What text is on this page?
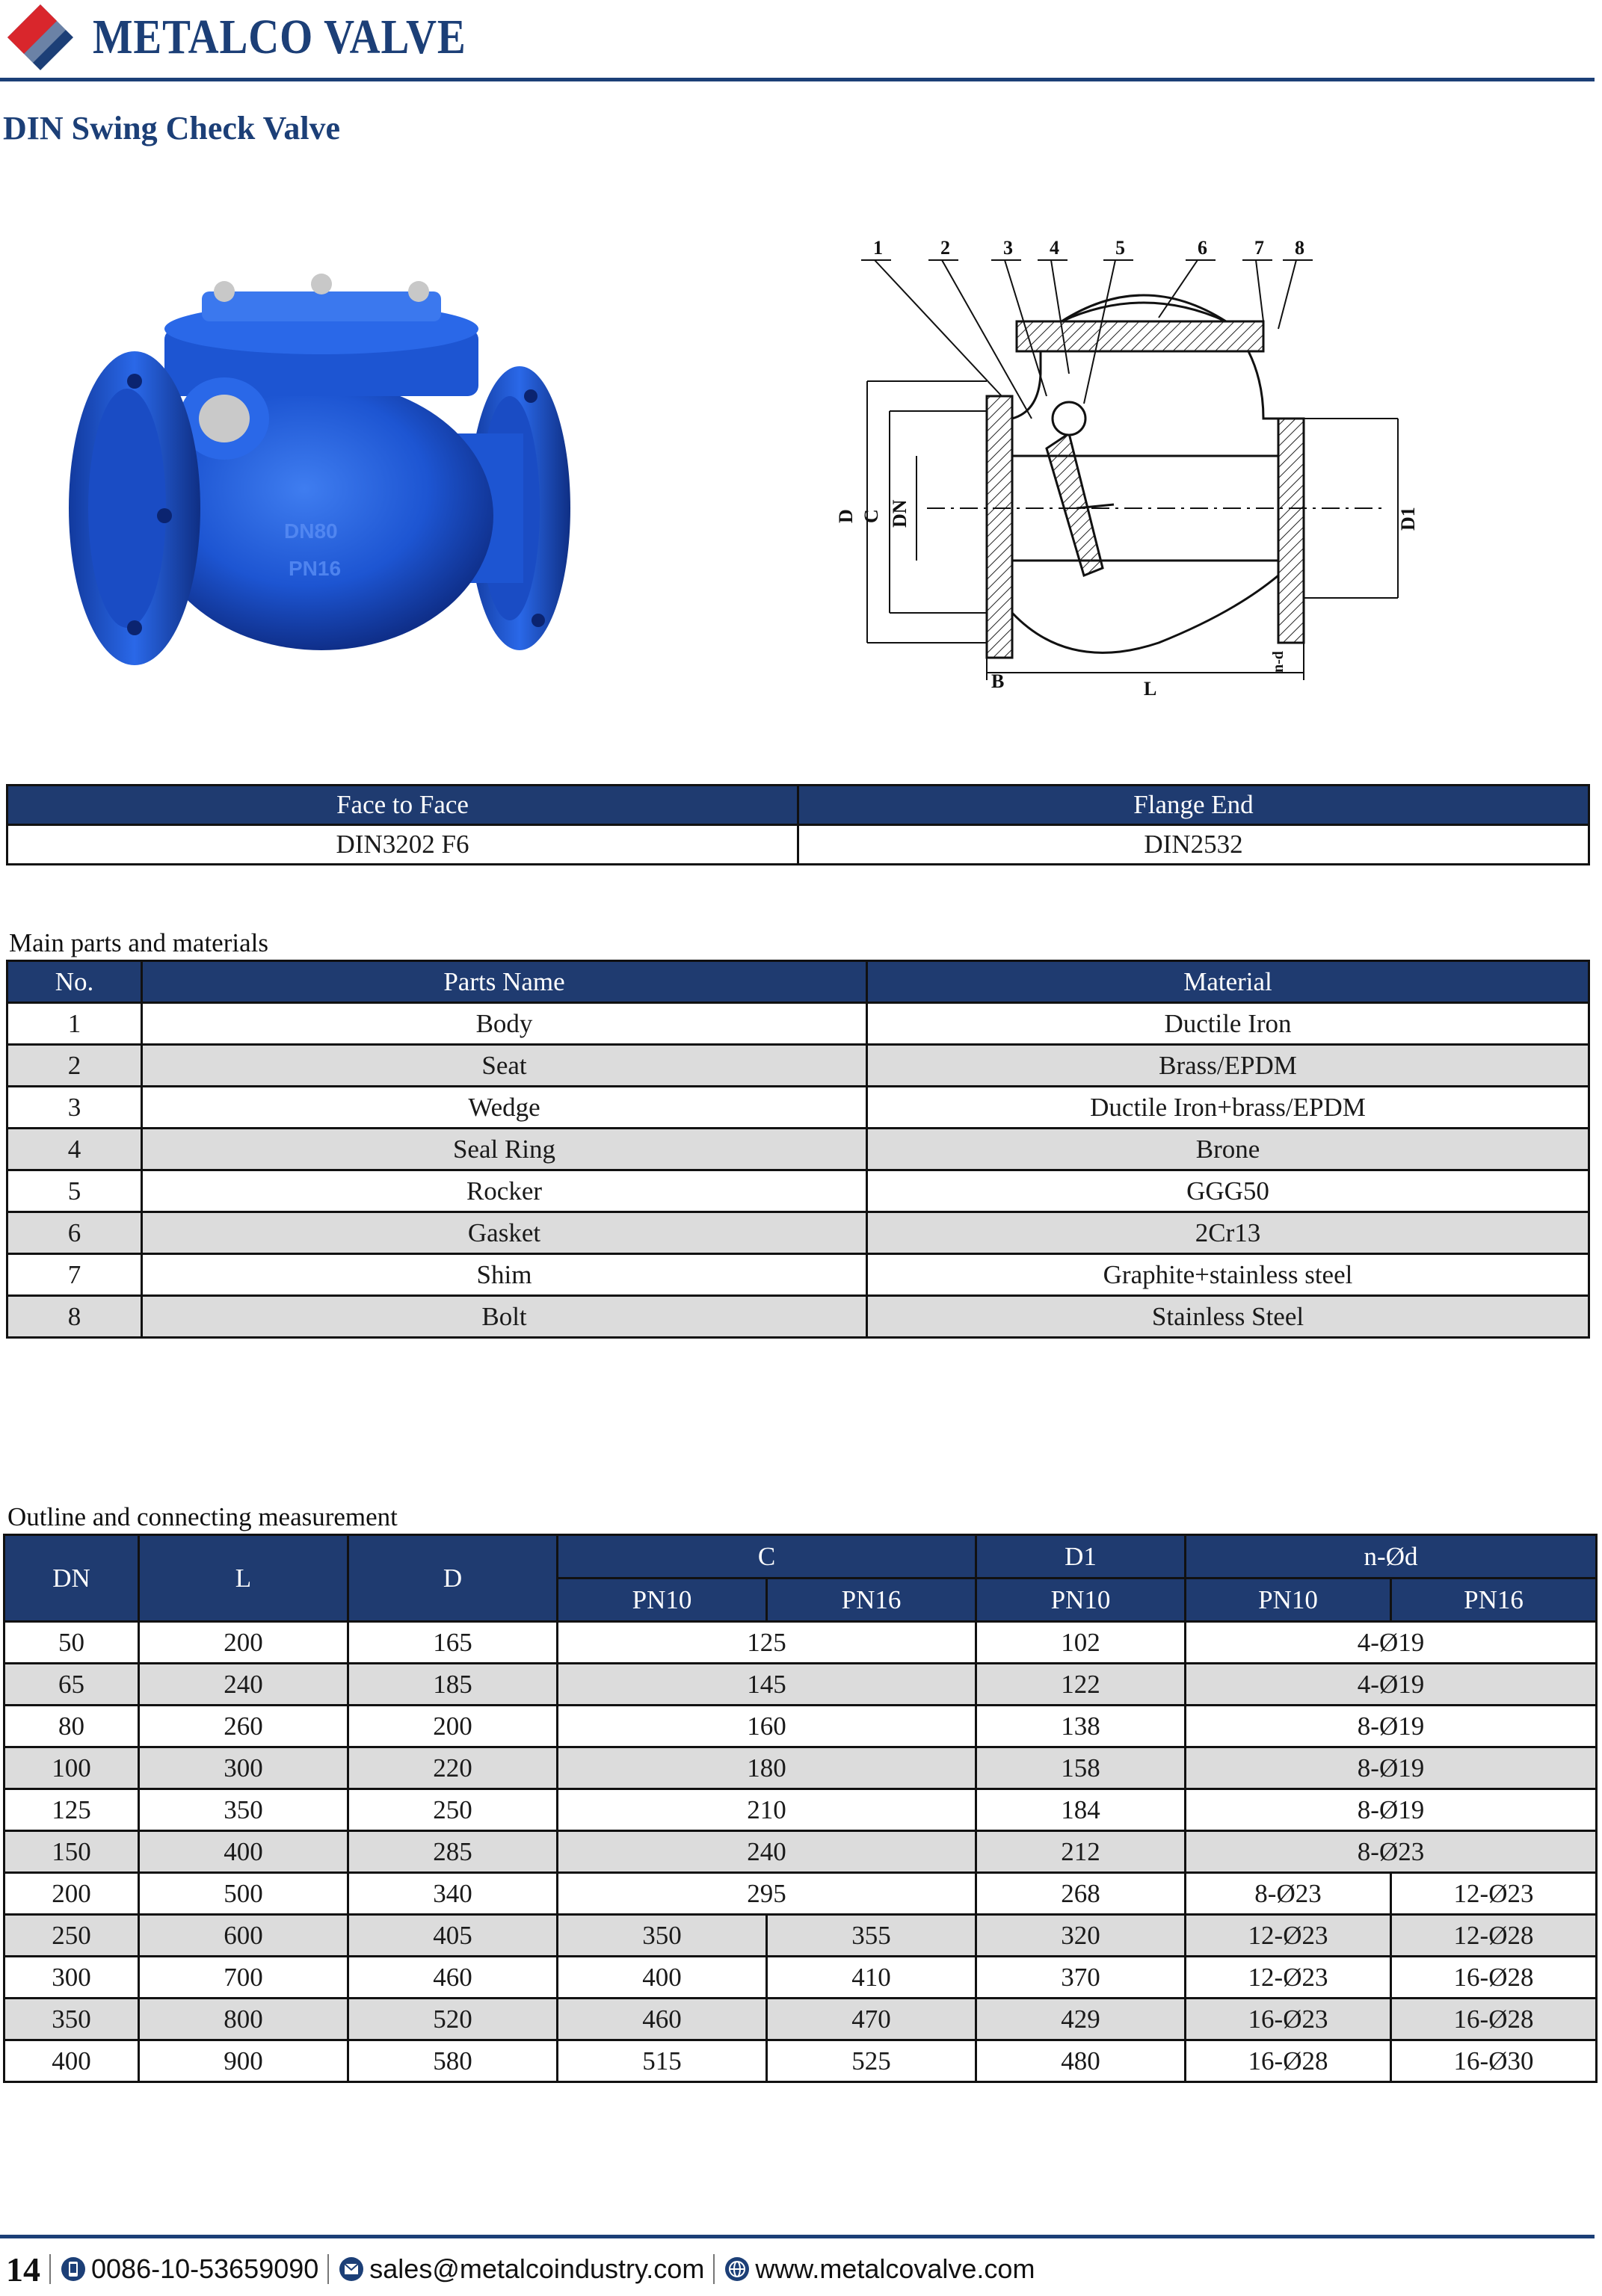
METALCO VALVE
DIN Swing Check Valve
DN80
PN16
1	2	3 4	5	6 7 8
D C DN	D1
B	L
n-d
Face to Face	Flange End
DIN3202 F6	DIN2532
Main parts and materials
No.	Parts Name	Material
1	Body	Ductile Iron
2	Seat	Brass/EPDM
3	Wedge	Ductile Iron+brass/EPDM
4	Seal Ring	Brone
5	Rocker	GGG50
6	Gasket	2Cr13
7	Shim	Graphite+stainless steel
8	Bolt	Stainless Steel
Outline and connecting measurement
DN	L	D	C		D1	n-Ød	
			PN10	PN16	PN10	PN10	PN16
50	200	165	125		102	4-Ø19	
65	240	185	145		122	4-Ø19	
80	260	200	160		138	8-Ø19	
100	300	220	180		158	8-Ø19	
125	350	250	210		184	8-Ø19	
150	400	285	240		212	8-Ø23	
200	500	340	295		268	8-Ø23	12-Ø23
250	600	405	350	355	320	12-Ø23	12-Ø28
300	700	460	400	410	370	12-Ø23	16-Ø28
350	800	520	460	470	429	16-Ø23	16-Ø28
400	900	580	515	525	480	16-Ø28	16-Ø30
14 0086-10-53659090 sales@metalcoindustry.com www.metalcovalve.com
